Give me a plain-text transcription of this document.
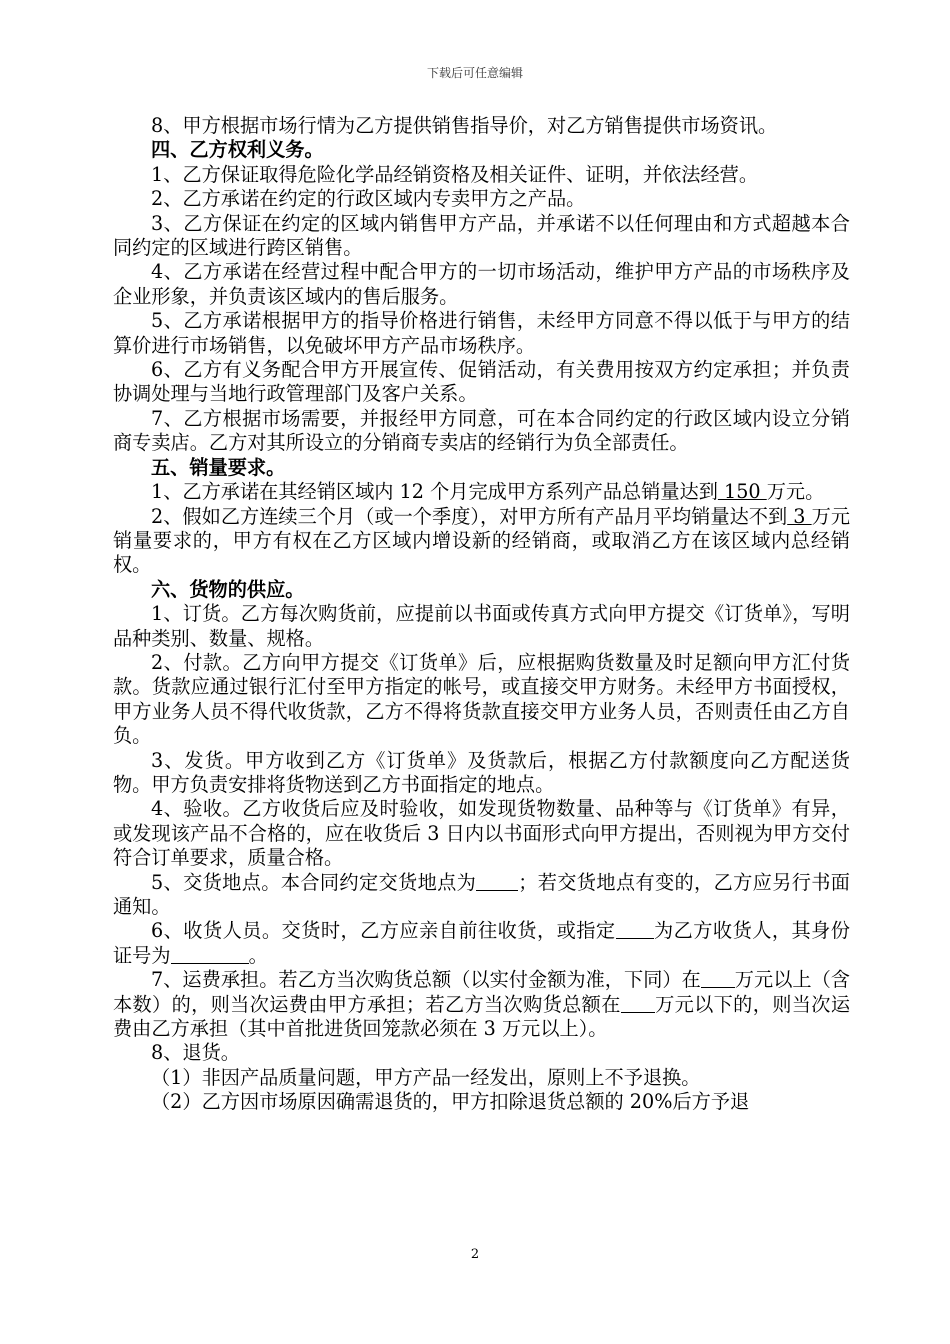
下载后可任意编辑

8、甲方根据市场行情为乙方提供销售指导价，对乙方销售提供市场资讯。

四、乙方权利义务。

1、乙方保证取得危险化学品经销资格及相关证件、证明，并依法经营。

2、乙方承诺在约定的行政区域内专卖甲方之产品。

3、乙方保证在约定的区域内销售甲方产品，并承诺不以任何理由和方式超越本合同约定的区域进行跨区销售。

4、乙方承诺在经营过程中配合甲方的一切市场活动，维护甲方产品的市场秩序及企业形象，并负责该区域内的售后服务。

5、乙方承诺根据甲方的指导价格进行销售，未经甲方同意不得以低于与甲方的结算价进行市场销售，以免破坏甲方产品市场秩序。

6、乙方有义务配合甲方开展宣传、促销活动，有关费用按双方约定承担；并负责协调处理与当地行政管理部门及客户关系。

7、乙方根据市场需要，并报经甲方同意，可在本合同约定的行政区域内设立分销商专卖店。乙方对其所设立的分销商专卖店的经销行为负全部责任。

五、销量要求。

1、乙方承诺在其经销区域内 12 个月完成甲方系列产品总销量达到 150 万元。

2、假如乙方连续三个月（或一个季度），对甲方所有产品月平均销量达不到 3 万元销量要求的，甲方有权在乙方区域内增设新的经销商，或取消乙方在该区域内总经销权。

六、货物的供应。

1、订货。乙方每次购货前，应提前以书面或传真方式向甲方提交《订货单》，写明品种类别、数量、规格。

2、付款。乙方向甲方提交《订货单》后，应根据购货数量及时足额向甲方汇付货款。货款应通过银行汇付至甲方指定的帐号，或直接交甲方财务。未经甲方书面授权，甲方业务人员不得代收货款，乙方不得将货款直接交甲方业务人员，否则责任由乙方自负。

3、发货。甲方收到乙方《订货单》及货款后，根据乙方付款额度向乙方配送货物。甲方负责安排将货物送到乙方书面指定的地点。

4、验收。乙方收货后应及时验收，如发现货物数量、品种等与《订货单》有异，或发现该产品不合格的，应在收货后 3 日内以书面形式向甲方提出，否则视为甲方交付符合订单要求，质量合格。

5、交货地点。本合同约定交货地点为 ；若交货地点有变的，乙方应另行书面通知。

6、收货人员。交货时，乙方应亲自前往收货，或指定 为乙方收货人，其身份证号为	。

7、运费承担。若乙方当次购货总额（以实付金额为准，下同）在 万元以上（含本数）的，则当次运费由甲方承担；若乙方当次购货总额在 万元以下的，则当次运费由乙方承担（其中首批进货回笼款必须在 3 万元以上）。

8、退货。

（1）非因产品质量问题，甲方产品一经发出，原则上不予退换。

（2）乙方因市场原因确需退货的，甲方扣除退货总额的 20%后方予退

2
